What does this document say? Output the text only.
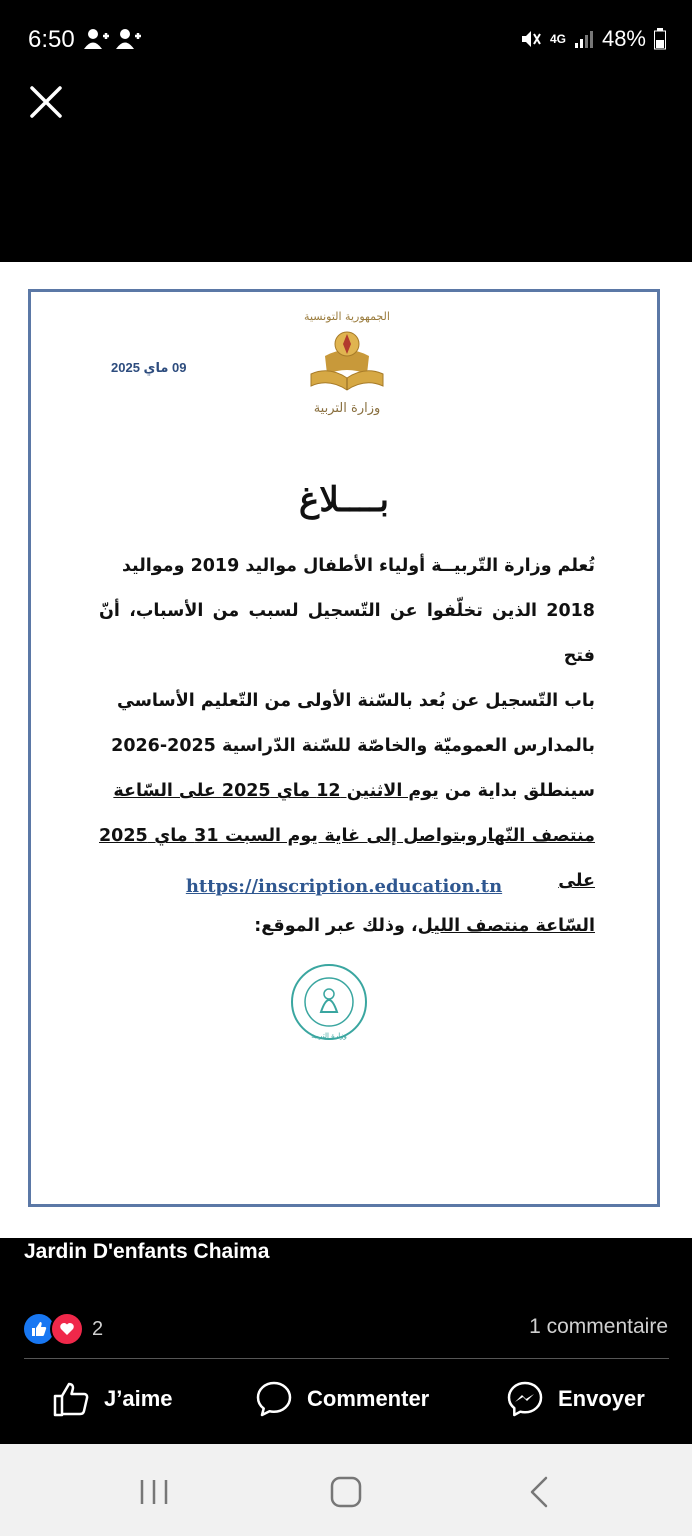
6:50	4G 48%
09 ماي 2025
الجمهورية التونسية
وزارة التربية
بــــلاغ
تُعلم وزارة التّربيــة أولياء الأطفال مواليد 2019 ومواليد
2018 الذين تخلّفوا عن التّسجيل لسبب من الأسباب، أنّ فتح
باب التّسجيل عن بُعد بالسّنة الأولى من التّعليم الأساسي
بالمدارس العموميّة والخاصّة للسّنة الدّراسية 2025-2026
سينطلق بداية من يوم الاثنين 12 ماي 2025 على السّاعة
منتصف النّهاروبتواصل إلى غاية يوم السبت 31 ماي 2025 على
السّاعة منتصف الليل، وذلك عبر الموقع:
https://inscription.education.tn
وزارة التربية
Jardin D'enfants Chaima
2	1 commentaire
J’aime	Commenter	Envoyer
